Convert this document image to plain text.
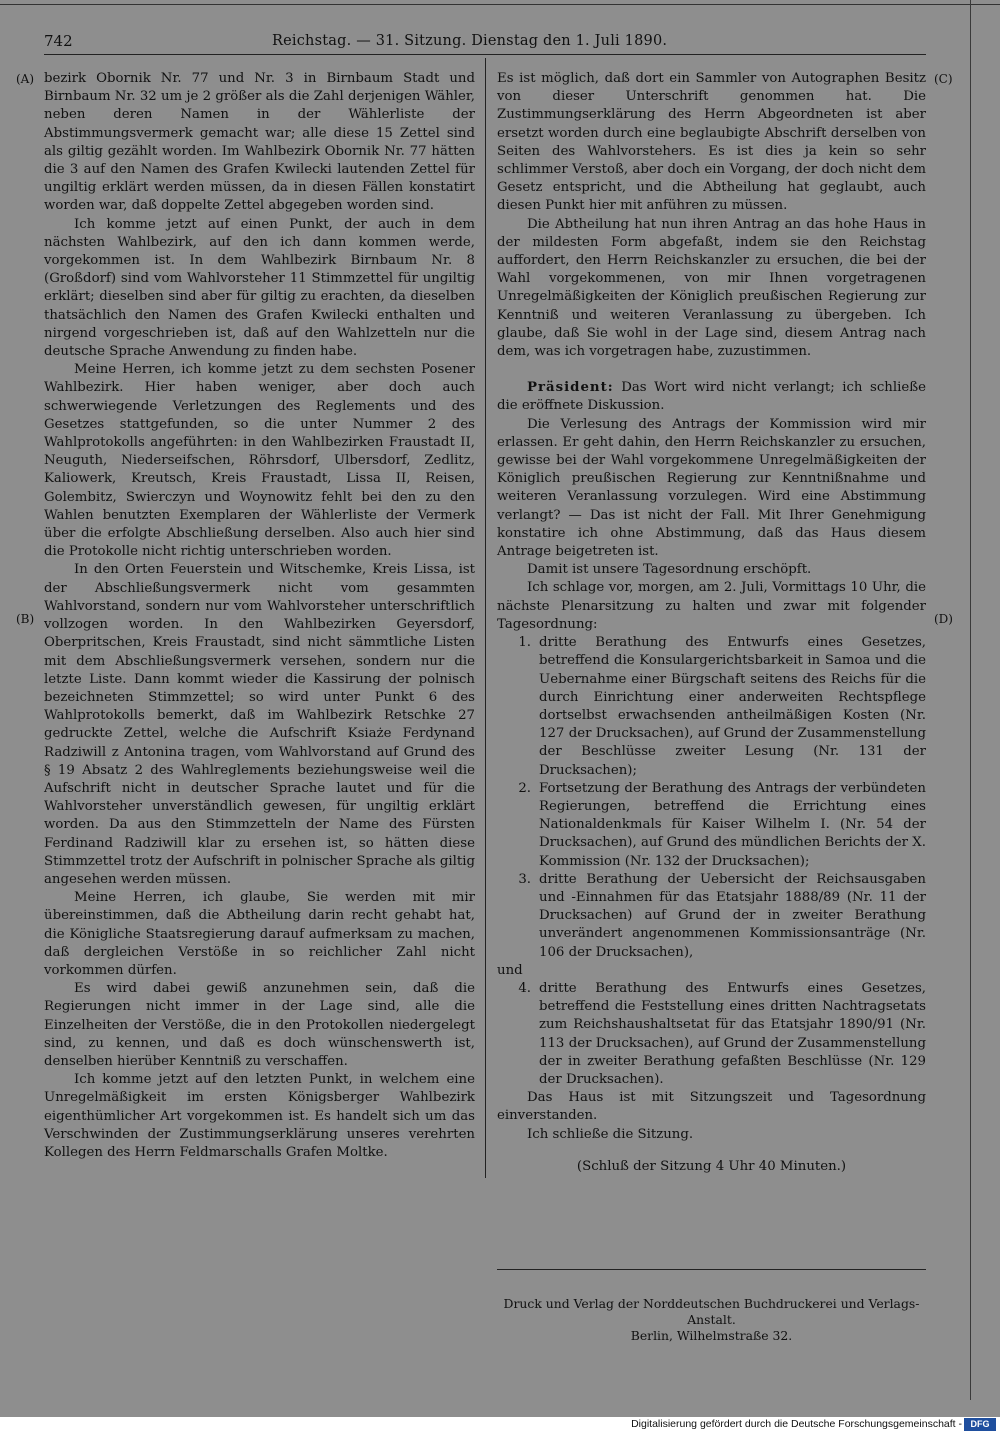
742	Reichstag. — 31. Sitzung. Dienstag den 1. Juli 1890.
(A)
(B)
(C)
(D)

bezirk Obornik Nr. 77 und Nr. 3 in Birnbaum Stadt und Birnbaum Nr. 32 um je 2 größer als die Zahl derjenigen Wähler, neben deren Namen in der Wählerliste der Abstimmungsvermerk gemacht war; alle diese 15 Zettel sind als giltig gezählt worden. Im Wahlbezirk Obornik Nr. 77 hätten die 3 auf den Namen des Grafen Kwilecki lautenden Zettel für ungiltig erklärt werden müssen, da in diesen Fällen konstatirt worden war, daß doppelte Zettel abgegeben worden sind.

Ich komme jetzt auf einen Punkt, der auch in dem nächsten Wahlbezirk, auf den ich dann kommen werde, vorgekommen ist. In dem Wahlbezirk Birnbaum Nr. 8 (Großdorf) sind vom Wahlvorsteher 11 Stimmzettel für ungiltig erklärt; dieselben sind aber für giltig zu erachten, da dieselben thatsächlich den Namen des Grafen Kwilecki enthalten und nirgend vorgeschrieben ist, daß auf den Wahlzetteln nur die deutsche Sprache Anwendung zu finden habe.

Meine Herren, ich komme jetzt zu dem sechsten Posener Wahlbezirk. Hier haben weniger, aber doch auch schwerwiegende Verletzungen des Reglements und des Gesetzes stattgefunden, so die unter Nummer 2 des Wahlprotokolls angeführten: in den Wahlbezirken Fraustadt II, Neuguth, Niederseifschen, Röhrsdorf, Ulbersdorf, Zedlitz, Kaliowerk, Kreutsch, Kreis Fraustadt, Lissa II, Reisen, Golembitz, Swierczyn und Woynowitz fehlt bei den zu den Wahlen benutzten Exemplaren der Wählerliste der Vermerk über die erfolgte Abschließung derselben. Also auch hier sind die Protokolle nicht richtig unterschrieben worden.

In den Orten Feuerstein und Witschemke, Kreis Lissa, ist der Abschließungsvermerk nicht vom gesammten Wahlvorstand, sondern nur vom Wahlvorsteher unterschriftlich vollzogen worden. In den Wahlbezirken Geyersdorf, Oberpritschen, Kreis Fraustadt, sind nicht sämmtliche Listen mit dem Abschließungsvermerk versehen, sondern nur die letzte Liste. Dann kommt wieder die Kassirung der polnisch bezeichneten Stimmzettel; so wird unter Punkt 6 des Wahlprotokolls bemerkt, daß im Wahlbezirk Retschke 27 gedruckte Zettel, welche die Aufschrift Ksiaże Ferdynand Radziwill z Antonina tragen, vom Wahlvorstand auf Grund des § 19 Absatz 2 des Wahlreglements beziehungsweise weil die Aufschrift nicht in deutscher Sprache lautet und für die Wahlvorsteher unverständlich gewesen, für ungiltig erklärt worden. Da aus den Stimmzetteln der Name des Fürsten Ferdinand Radziwill klar zu ersehen ist, so hätten diese Stimmzettel trotz der Aufschrift in polnischer Sprache als giltig angesehen werden müssen.

Meine Herren, ich glaube, Sie werden mit mir übereinstimmen, daß die Abtheilung darin recht gehabt hat, die Königliche Staatsregierung darauf aufmerksam zu machen, daß dergleichen Verstöße in so reichlicher Zahl nicht vorkommen dürfen.

Es wird dabei gewiß anzunehmen sein, daß die Regierungen nicht immer in der Lage sind, alle die Einzelheiten der Verstöße, die in den Protokollen niedergelegt sind, zu kennen, und daß es doch wünschenswerth ist, denselben hierüber Kenntniß zu verschaffen.

Ich komme jetzt auf den letzten Punkt, in welchem eine Unregelmäßigkeit im ersten Königsberger Wahlbezirk eigenthümlicher Art vorgekommen ist. Es handelt sich um das Verschwinden der Zustimmungserklärung unseres verehrten Kollegen des Herrn Feldmarschalls Grafen Moltke.

Es ist möglich, daß dort ein Sammler von Autographen Besitz von dieser Unterschrift genommen hat. Die Zustimmungserklärung des Herrn Abgeordneten ist aber ersetzt worden durch eine beglaubigte Abschrift derselben von Seiten des Wahlvorstehers. Es ist dies ja kein so sehr schlimmer Verstoß, aber doch ein Vorgang, der doch nicht dem Gesetz entspricht, und die Abtheilung hat geglaubt, auch diesen Punkt hier mit anführen zu müssen.

Die Abtheilung hat nun ihren Antrag an das hohe Haus in der mildesten Form abgefaßt, indem sie den Reichstag auffordert, den Herrn Reichskanzler zu ersuchen, die bei der Wahl vorgekommenen, von mir Ihnen vorgetragenen Unregelmäßigkeiten der Königlich preußischen Regierung zur Kenntniß und weiteren Veranlassung zu übergeben. Ich glaube, daß Sie wohl in der Lage sind, diesem Antrag nach dem, was ich vorgetragen habe, zuzustimmen.

Präsident: Das Wort wird nicht verlangt; ich schließe die eröffnete Diskussion.

Die Verlesung des Antrags der Kommission wird mir erlassen. Er geht dahin, den Herrn Reichskanzler zu ersuchen, gewisse bei der Wahl vorgekommene Unregelmäßigkeiten der Königlich preußischen Regierung zur Kenntnißnahme und weiteren Veranlassung vorzulegen. Wird eine Abstimmung verlangt? — Das ist nicht der Fall. Mit Ihrer Genehmigung konstatire ich ohne Abstimmung, daß das Haus diesem Antrage beigetreten ist.

Damit ist unsere Tagesordnung erschöpft.

Ich schlage vor, morgen, am 2. Juli, Vormittags 10 Uhr, die nächste Plenarsitzung zu halten und zwar mit folgender Tagesordnung:

1. dritte Berathung des Entwurfs eines Gesetzes, betreffend die Konsulargerichtsbarkeit in Samoa und die Uebernahme einer Bürgschaft seitens des Reichs für die durch Einrichtung einer anderweiten Rechtspflege dortselbst erwachsenden antheilmäßigen Kosten (Nr. 127 der Drucksachen), auf Grund der Zusammenstellung der Beschlüsse zweiter Lesung (Nr. 131 der Drucksachen);
2. Fortsetzung der Berathung des Antrags der verbündeten Regierungen, betreffend die Errichtung eines Nationaldenkmals für Kaiser Wilhelm I. (Nr. 54 der Drucksachen), auf Grund des mündlichen Berichts der X. Kommission (Nr. 132 der Drucksachen);
3. dritte Berathung der Uebersicht der Reichsausgaben und -Einnahmen für das Etatsjahr 1888/89 (Nr. 11 der Drucksachen) auf Grund der in zweiter Berathung unverändert angenommenen Kommissionsanträge (Nr. 106 der Drucksachen),

und

4. dritte Berathung des Entwurfs eines Gesetzes, betreffend die Feststellung eines dritten Nachtragsetats zum Reichshaushaltsetat für das Etatsjahr 1890/91 (Nr. 113 der Drucksachen), auf Grund der Zusammenstellung der in zweiter Berathung gefaßten Beschlüsse (Nr. 129 der Drucksachen).

Das Haus ist mit Sitzungszeit und Tagesordnung einverstanden.

Ich schließe die Sitzung.

(Schluß der Sitzung 4 Uhr 40 Minuten.)

Druck und Verlag der Norddeutschen Buchdruckerei und Verlags-Anstalt.
Berlin, Wilhelmstraße 32.
Digitalisierung gefördert durch die Deutsche Forschungsgemeinschaft - DFG
